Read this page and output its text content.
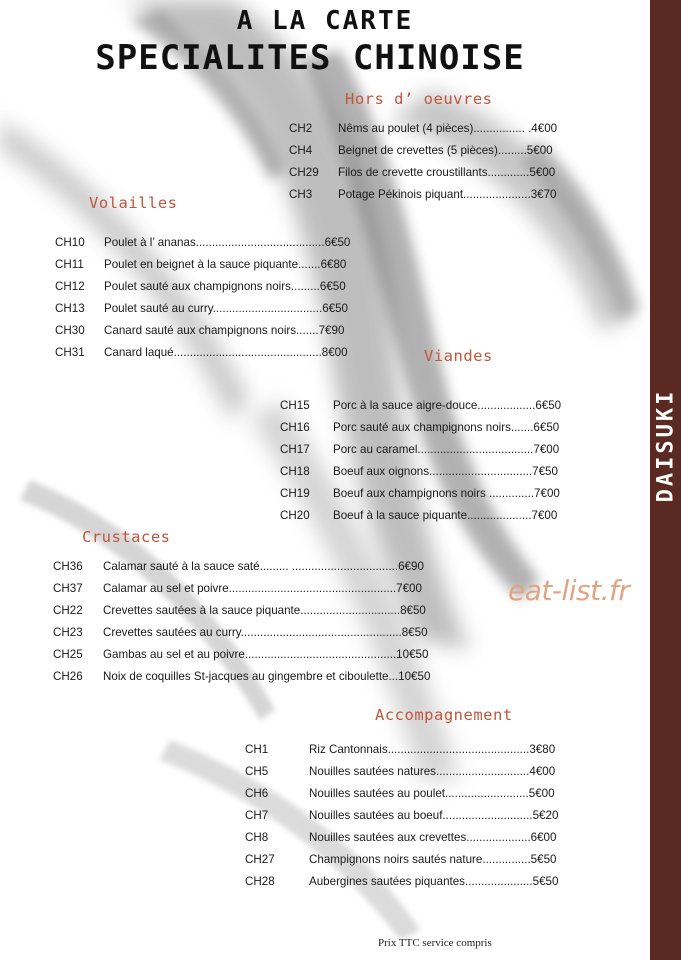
DAISUKI
A LA CARTE
SPECIALITES CHINOISE
Hors d’ oeuvres
CH2 Nêms au poulet (4 pièces)................ .4€00
CH4 Beignet de crevettes (5 pièces).........5€00
CH29 Filos de crevette croustillants.............5€00
CH3 Potage Pékinois piquant.....................3€70
Volailles
CH10 Poulet à l’ ananas........................................6€50
CH11 Poulet en beignet à la sauce piquante.......6€80
CH12 Poulet sauté aux champignons noirs.........6€50
CH13 Poulet sauté au curry..................................6€50
CH30 Canard sauté aux champignons noirs.......7€90
CH31 Canard laqué..............................................8€00	Viandes
CH15 Porc à la sauce aigre-douce..................6€50
CH16 Porc sauté aux champignons noirs.......6€50
CH17 Porc au caramel....................................7€00
CH18 Boeuf aux oignons................................7€50
CH19 Boeuf aux champignons noirs ..............7€00
CH20 Boeuf à la sauce piquante....................7€00
Crustaces
CH36 Calamar sauté à la sauce saté......... .................................6€90
CH37 Calamar au sel et poivre....................................................7€00
CH22 Crevettes sautées à la sauce piquante...............................8€50
CH23 Crevettes sautées au curry..................................................8€50
CH25 Gambas au sel et au poivre...............................................10€50
CH26 Noix de coquilles St-jacques au gingembre et ciboulette...10€50
eat-list.fr
Accompagnement
CH1	Riz Cantonnais............................................3€80
CH5	Nouilles sautées natures.............................4€00
CH6	Nouilles sautées au poulet..........................5€00
CH7	Nouilles sautées au boeuf............................5€20
CH8	Nouilles sautées aux crevettes....................6€00
CH27	Champignons noirs sautés nature...............5€50
CH28	Aubergines sautées piquantes.....................5€50
Prix TTC service compris
